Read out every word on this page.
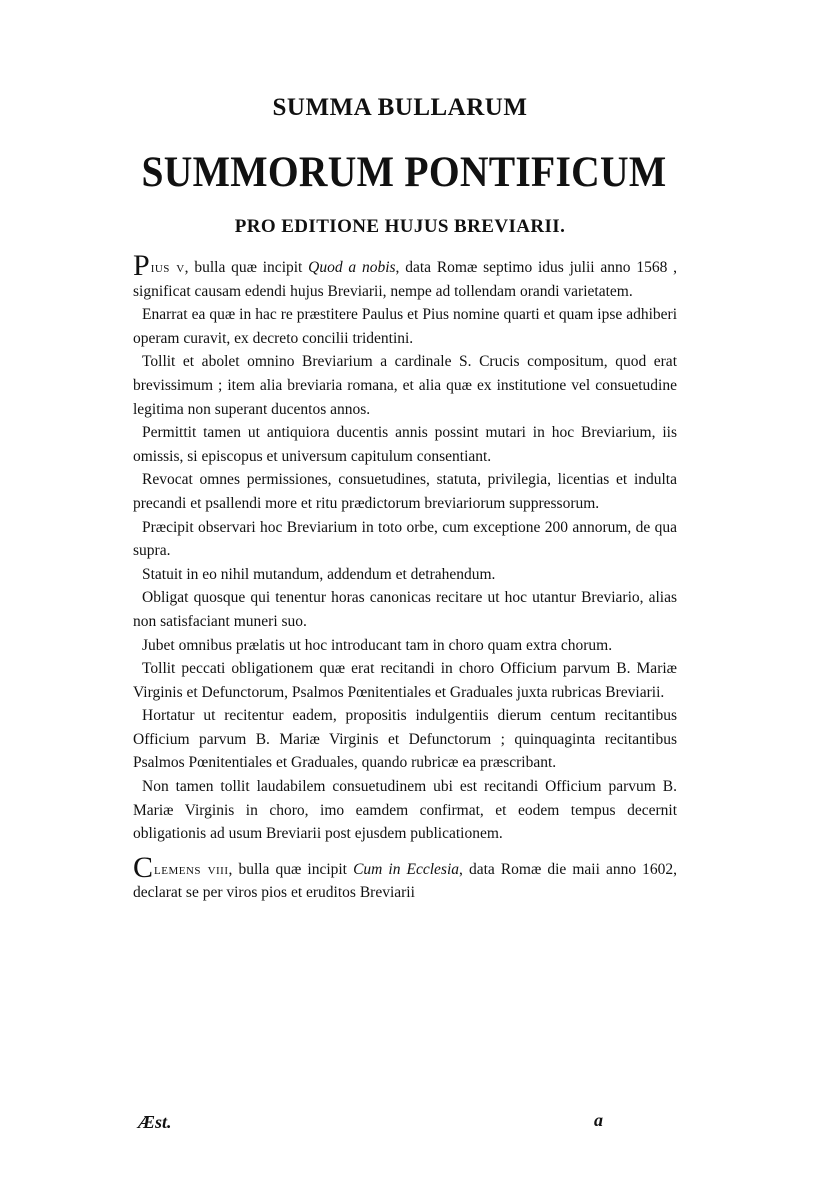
SUMMA BULLARUM
SUMMORUM PONTIFICUM
PRO EDITIONE HUJUS BREVIARII.

Pius v, bulla quæ incipit Quod a nobis, data Romæ septimo idus julii anno 1568 , significat causam edendi hujus Breviarii, nempe ad tollendam orandi varietatem.

Enarrat ea quæ in hac re præstitere Paulus et Pius nomine quarti et quam ipse adhiberi operam curavit, ex decreto concilii tridentini.

Tollit et abolet omnino Breviarium a cardinale S. Crucis compositum, quod erat brevissimum ; item alia breviaria romana, et alia quæ ex institutione vel consuetudine legitima non superant ducentos annos.

Permittit tamen ut antiquiora ducentis annis possint mutari in hoc Breviarium, iis omissis, si episcopus et universum capitulum consentiant.

Revocat omnes permissiones, consuetudines, statuta, privilegia, licentias et indulta precandi et psallendi more et ritu prædictorum breviariorum suppressorum.

Præcipit observari hoc Breviarium in toto orbe, cum exceptione 200 annorum, de qua supra.

Statuit in eo nihil mutandum, addendum et detrahendum.

Obligat quosque qui tenentur horas canonicas recitare ut hoc utantur Breviario, alias non satisfaciant muneri suo.

Jubet omnibus prælatis ut hoc introducant tam in choro quam extra chorum.

Tollit peccati obligationem quæ erat recitandi in choro Officium parvum B. Mariæ Virginis et Defunctorum, Psalmos Pœnitentiales et Graduales juxta rubricas Breviarii.

Hortatur ut recitentur eadem, propositis indulgentiis dierum centum recitantibus Officium parvum B. Mariæ Virginis et Defunctorum ; quinquaginta recitantibus Psalmos Pœnitentiales et Graduales, quando rubricæ ea præscribant.

Non tamen tollit laudabilem consuetudinem ubi est recitandi Officium parvum B. Mariæ Virginis in choro, imo eamdem confirmat, et eodem tempus decernit obligationis ad usum Breviarii post ejusdem publicationem.

Clemens viii, bulla quæ incipit Cum in Ecclesia, data Romæ die maii anno 1602, declarat se per viros pios et eruditos Breviarii

Æst.	a
